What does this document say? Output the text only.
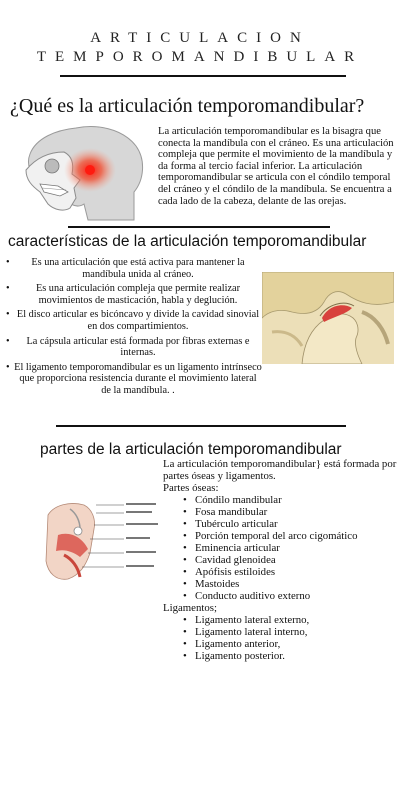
ARTICULACION
TEMPOROMANDIBULAR
¿Qué es la articulación temporomandibular?
La articulación temporomandibular es la bisagra que conecta la mandíbula con el cráneo. Es una articulación compleja que permite el movimiento de la mandíbula y da forma al tercio facial inferior. La articulación temporomandibular se articula con el cóndilo temporal del cráneo y el cóndilo de la mandíbula. Se encuentra a cada lado de la cabeza, delante de las orejas.
características de la articulación temporomandibular
• Es una articulación que está activa para mantener la mandíbula unida al cráneo.
• Es una articulación compleja que permite realizar movimientos de masticación, habla y deglución.
• El disco articular es bicóncavo y divide la cavidad sinovial en dos compartimientos.
• La cápsula articular está formada por fibras externas e internas.
• El ligamento temporomandibular es un ligamento intrínseco que proporciona resistencia durante el movimiento lateral de la mandíbula. .
partes de la articulación temporomandibular
La articulación temporomandibular} está formada por partes óseas y ligamentos.
Partes óseas:
• Cóndilo mandibular
• Fosa mandibular
• Tubérculo articular
• Porción temporal del arco cigomático
• Eminencia articular
• Cavidad glenoidea
• Apófisis estiloides
• Mastoides
• Conducto auditivo externo
Ligamentos;
• Ligamento lateral externo,
• Ligamento lateral interno,
• Ligamento anterior,
• Ligamento posterior.
